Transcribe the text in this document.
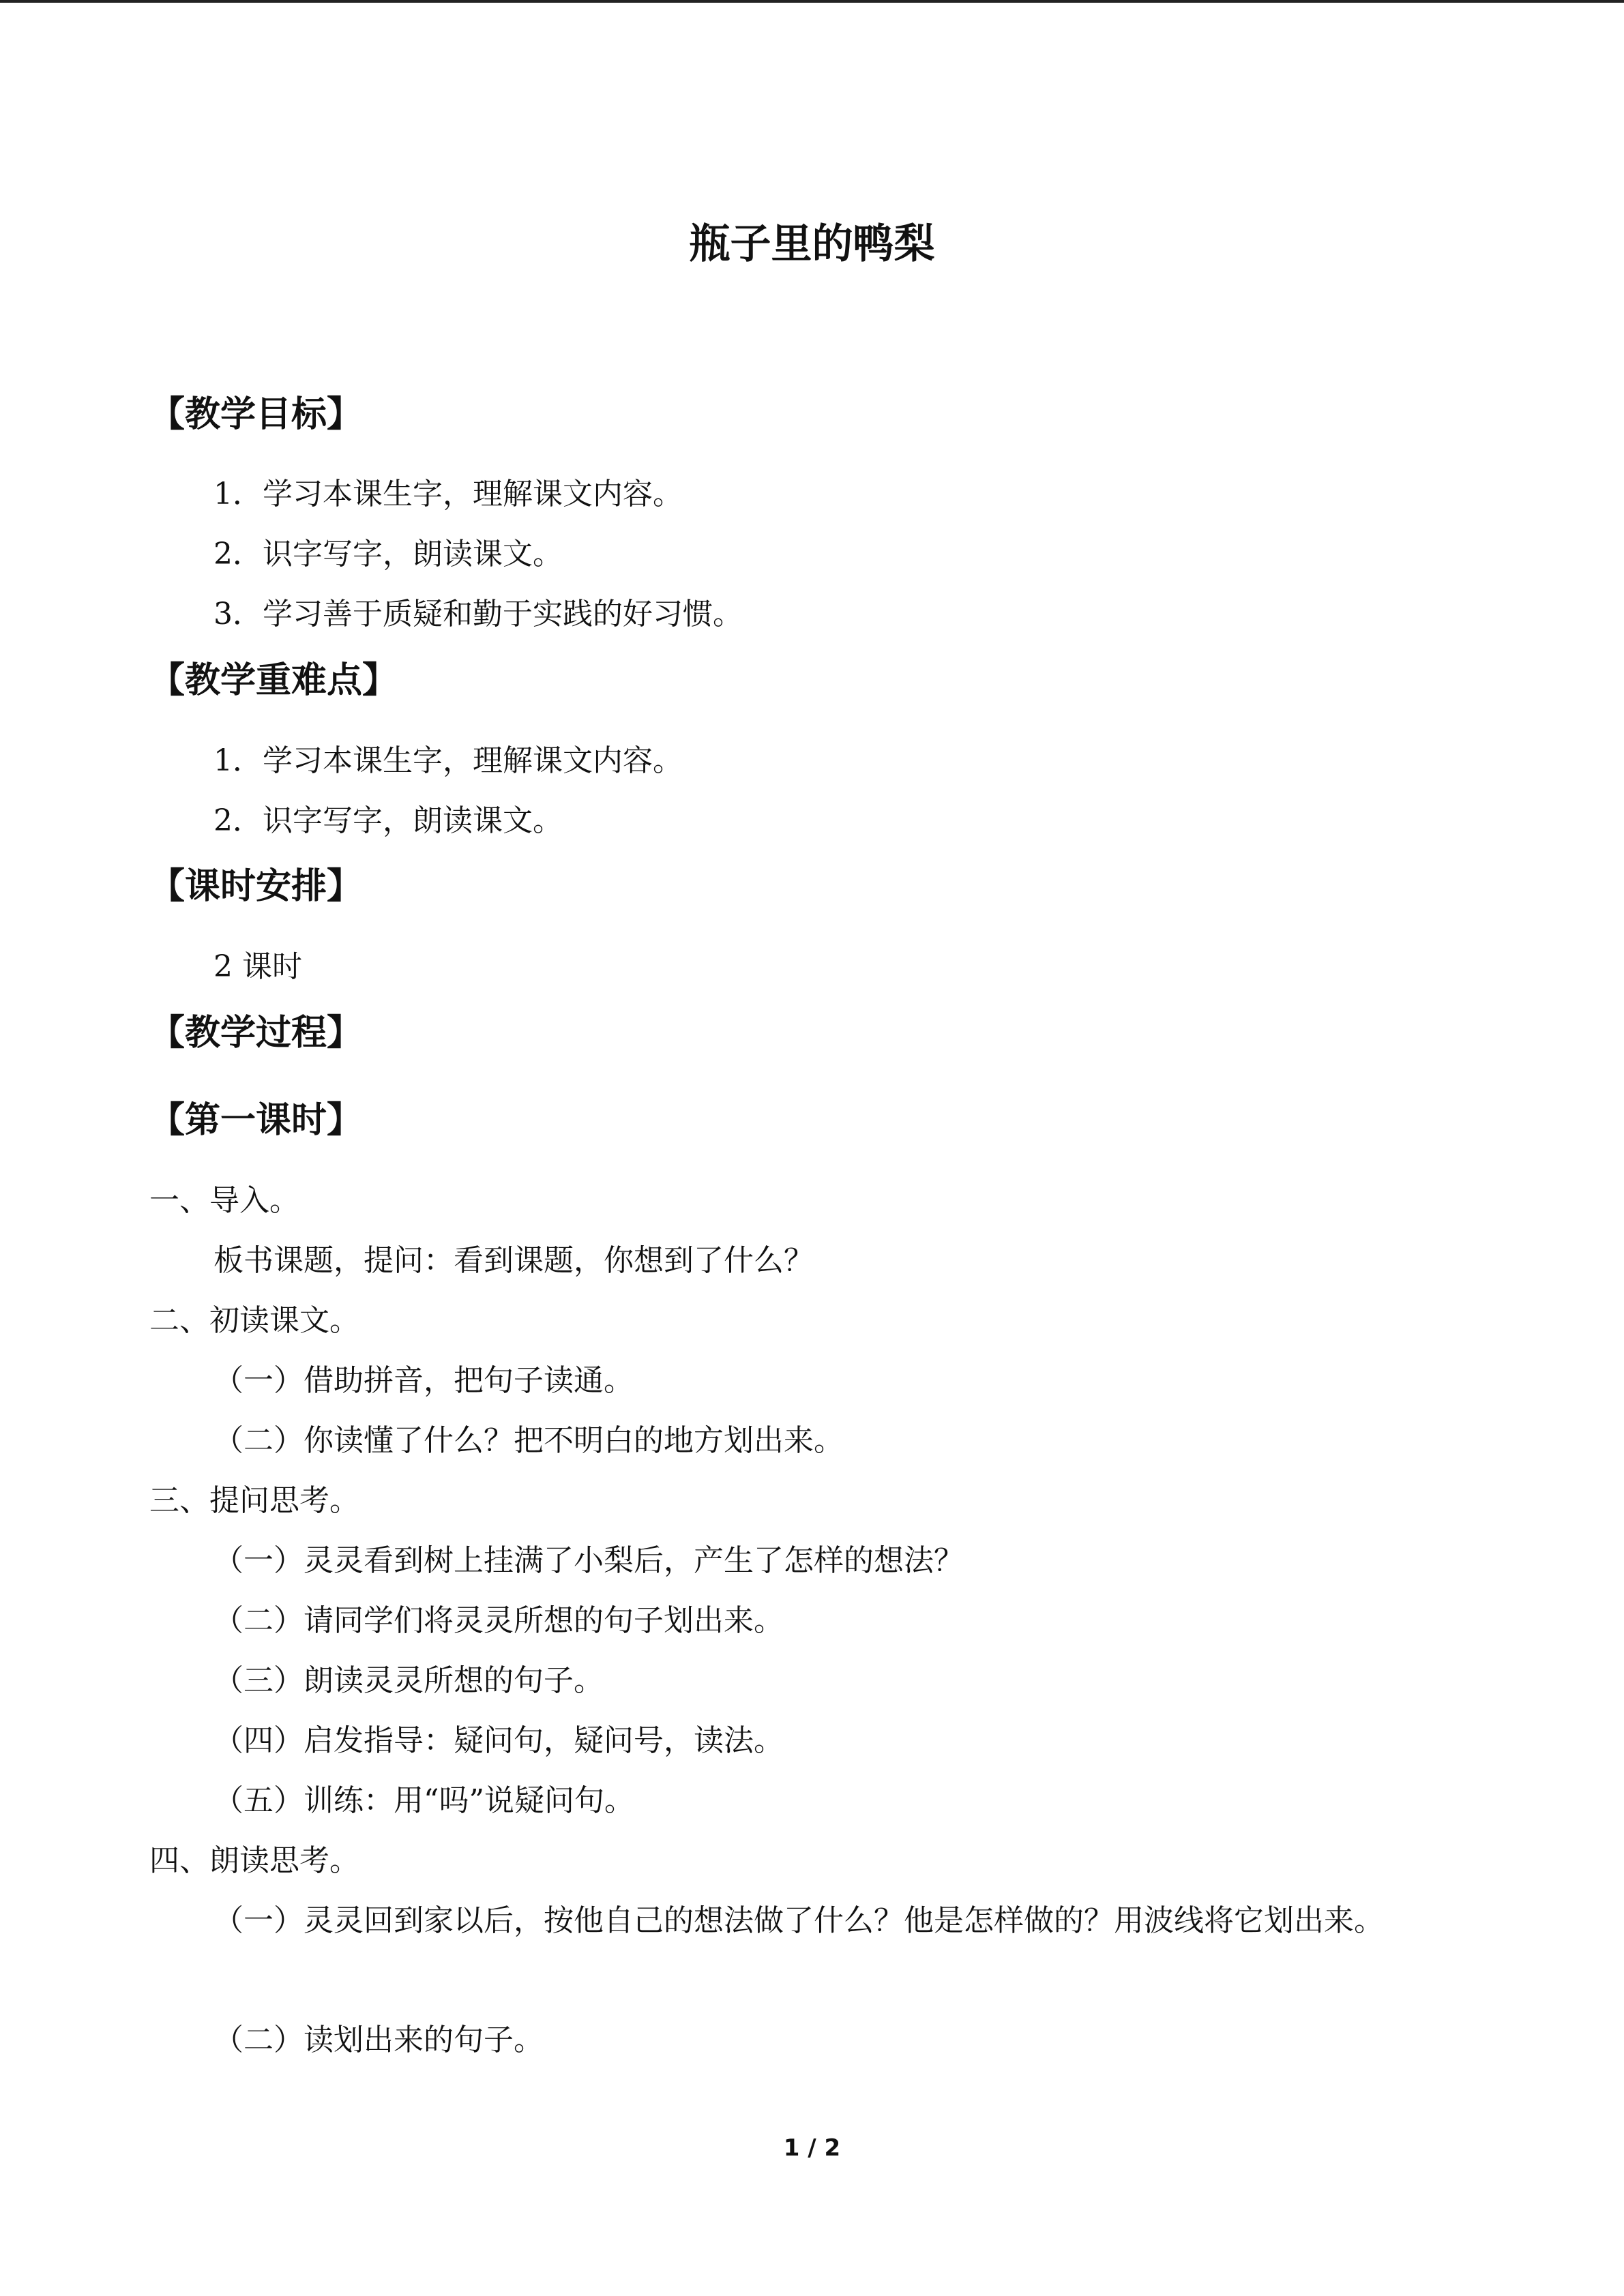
瓶子里的鸭梨
【教学目标】
1．学习本课生字，理解课文内容。
2．识字写字，朗读课文。
3．学习善于质疑和勤于实践的好习惯。
【教学重难点】
1．学习本课生字，理解课文内容。
2．识字写字，朗读课文。
【课时安排】
2 课时
【教学过程】
【第一课时】
一、导入。
板书课题，提问：看到课题，你想到了什么？
二、初读课文。
（一）借助拼音，把句子读通。
（二）你读懂了什么？把不明白的地方划出来。
三、提问思考。
（一）灵灵看到树上挂满了小梨后，产生了怎样的想法？
（二）请同学们将灵灵所想的句子划出来。
（三）朗读灵灵所想的句子。
（四）启发指导：疑问句，疑问号，读法。
（五）训练：用“吗”说疑问句。
四、朗读思考。
（一）灵灵回到家以后，按他自己的想法做了什么？他是怎样做的？用波线将它划出来。
（二）读划出来的句子。
1 / 2
